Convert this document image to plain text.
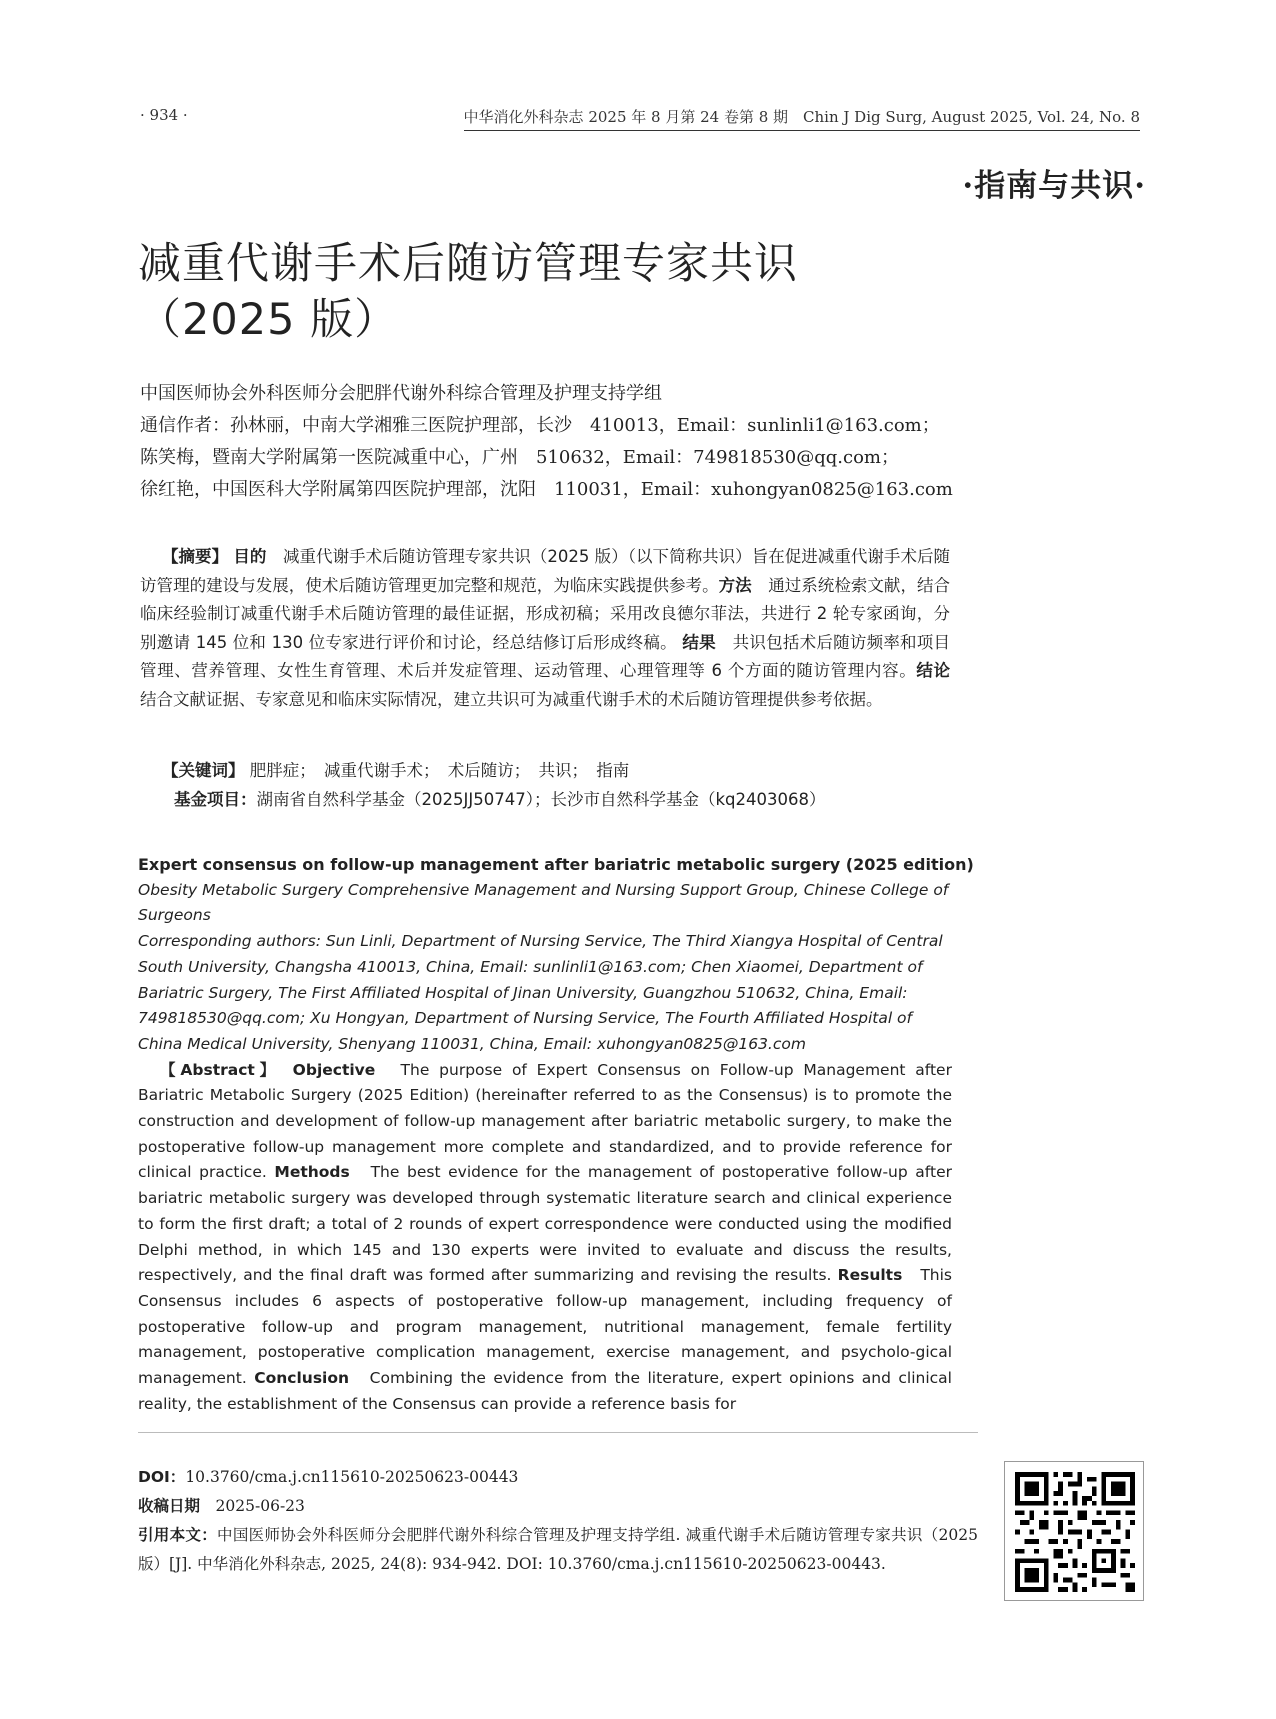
· 934 ·	中华消化外科杂志 2025 年 8 月第 24 卷第 8 期　Chin J Dig Surg, August 2025, Vol. 24, No. 8
·指南与共识·
减重代谢手术后随访管理专家共识
（2025 版）
中国医师协会外科医师分会肥胖代谢外科综合管理及护理支持学组
通信作者：孙林丽，中南大学湘雅三医院护理部，长沙　410013，Email：sunlinli1@163.com；
陈笑梅，暨南大学附属第一医院减重中心，广州　510632，Email：749818530@qq.com；
徐红艳，中国医科大学附属第四医院护理部，沈阳　110031，Email：xuhongyan0825@163.com
【摘要】 目的　 减重代谢手术后随访管理专家共识（2025 版）（以下简称共识）旨在促进减重代谢手术后随访管理的建设与发展，使术后随访管理更加完整和规范，为临床实践提供参考。方法　 通过系统检索文献，结合临床经验制订减重代谢手术后随访管理的最佳证据，形成初稿；采用改良德尔菲法，共进行 2 轮专家函询，分别邀请 145 位和 130 位专家进行评价和讨论，经总结修订后形成终稿。 结果　 共识包括术后随访频率和项目管理、营养管理、女性生育管理、术后并发症管理、运动管理、心理管理等 6 个方面的随访管理内容。结论　结合文献证据、专家意见和临床实际情况，建立共识可为减重代谢手术的术后随访管理提供参考依据。
【关键词】 肥胖症；　减重代谢手术；　术后随访；　共识；　指南
基金项目：湖南省自然科学基金（2025JJ50747）；长沙市自然科学基金（kq2403068）
Expert consensus on follow-up management after bariatric metabolic surgery (2025 edition)
Obesity Metabolic Surgery Comprehensive Management and Nursing Support Group, Chinese College of Surgeons
Corresponding authors: Sun Linli, Department of Nursing Service, The Third Xiangya Hospital of Central South University, Changsha 410013, China, Email: sunlinli1@163.com; Chen Xiaomei, Department of Bariatric Surgery, The First Affiliated Hospital of Jinan University, Guangzhou 510632, China, Email: 749818530@qq.com; Xu Hongyan, Department of Nursing Service, The Fourth Affiliated Hospital of China Medical University, Shenyang 110031, China, Email: xuhongyan0825@163.com
【Abstract】　 Objective　 The purpose of Expert Consensus on Follow-up Management after Bariatric Metabolic Surgery (2025 Edition) (hereinafter referred to as the Consensus) is to promote the construction and development of follow-up management after bariatric metabolic surgery, to make the postoperative follow-up management more complete and standardized, and to provide reference for clinical practice. Methods　 The best evidence for the management of postoperative follow-up after bariatric metabolic surgery was developed through systematic literature search and clinical experience to form the first draft; a total of 2 rounds of expert correspondence were conducted using the modified Delphi method, in which 145 and 130 experts were invited to evaluate and discuss the results, respectively, and the final draft was formed after summarizing and revising the results. Results　 This Consensus includes 6 aspects of postoperative follow-up management, including frequency of postoperative follow-up and program management, nutritional management, female fertility management, postoperative complication management, exercise management, and psycholo-gical management. Conclusion　 Combining the evidence from the literature, expert opinions and clinical reality, the establishment of the Consensus can provide a reference basis for
DOI：10.3760/cma.j.cn115610-20250623-00443
收稿日期　 2025-06-23
引用本文：中国医师协会外科医师分会肥胖代谢外科综合管理及护理支持学组. 减重代谢手术后随访管理专家共识（2025 版）[J]. 中华消化外科杂志, 2025, 24(8): 934-942. DOI: 10.3760/cma.j.cn115610-20250623-00443.
